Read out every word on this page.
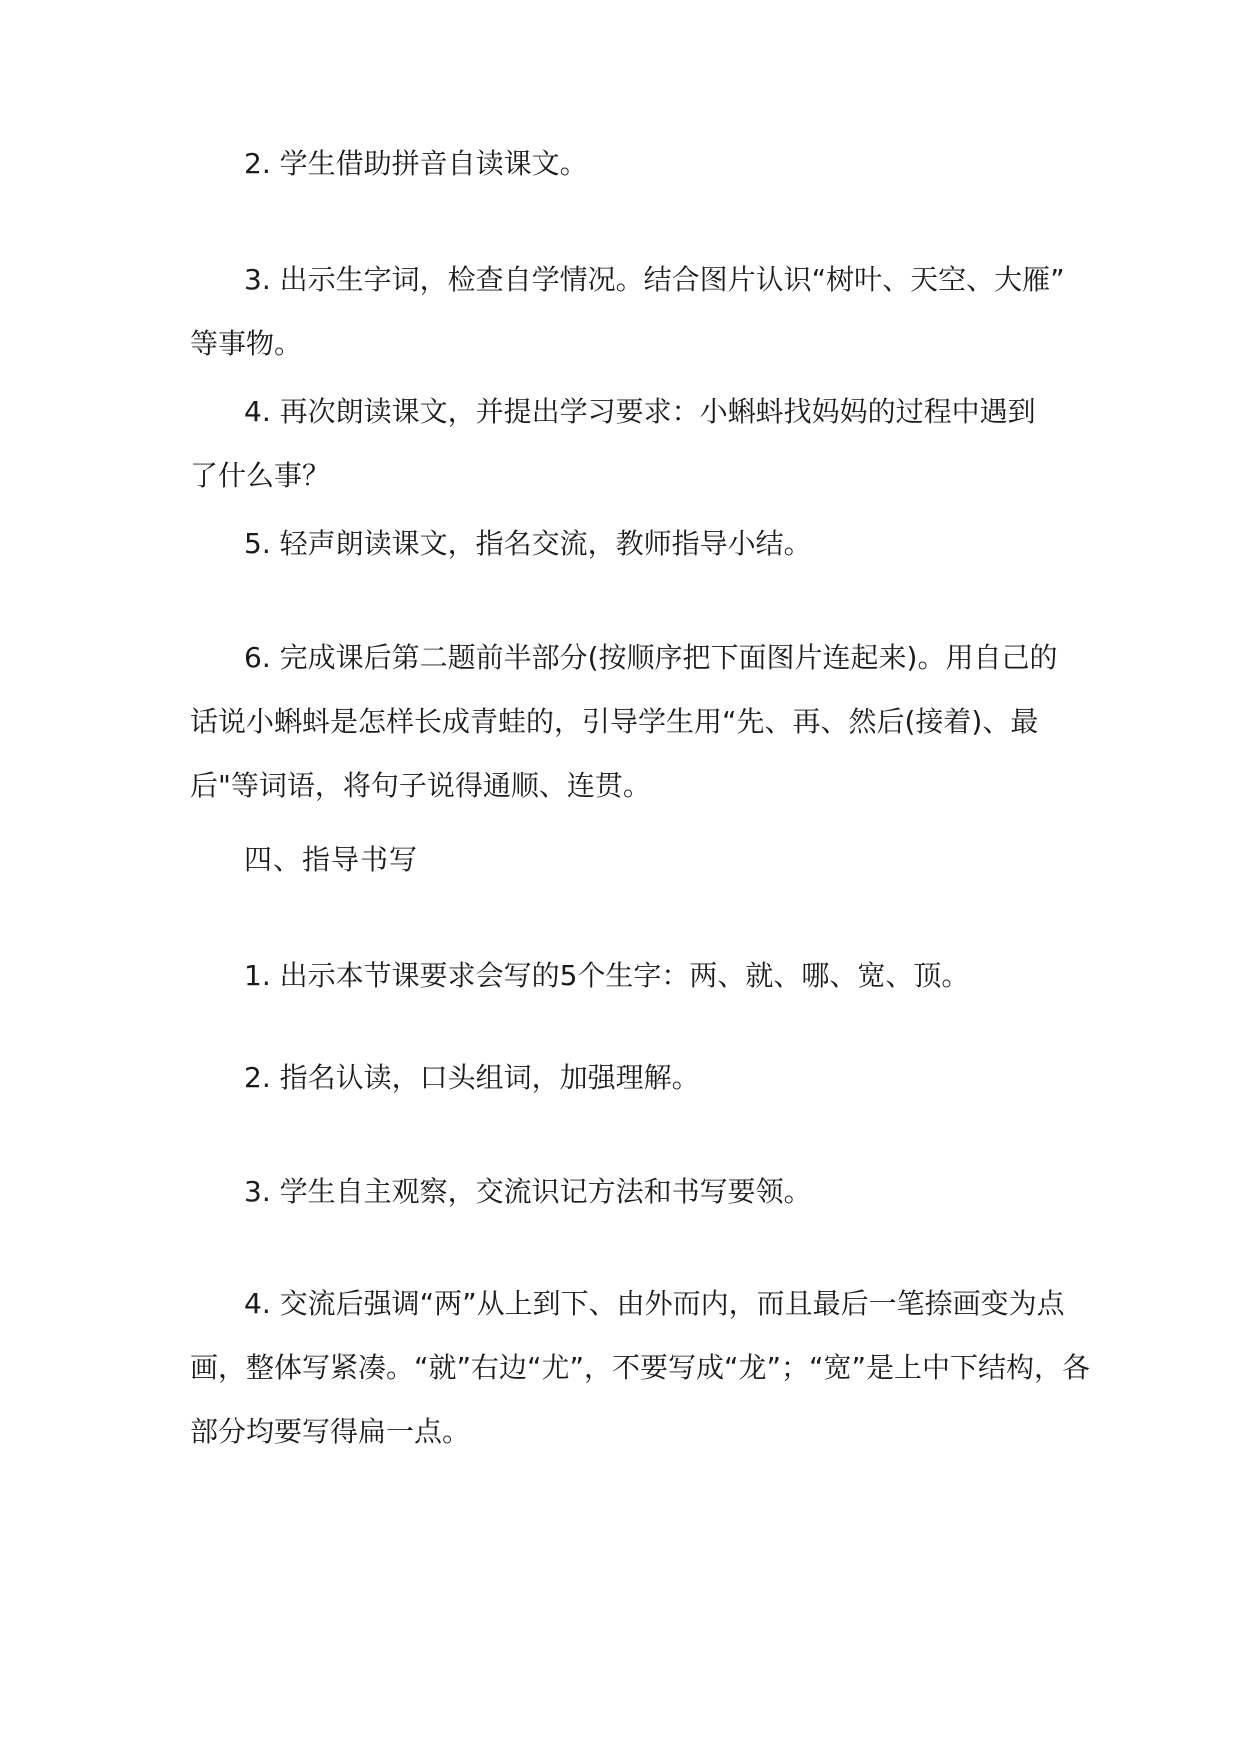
2. 学生借助拼音自读课文。

3. 出示生字词，检查自学情况。结合图片认识“树叶、天空、大雁”
等事物。

4. 再次朗读课文，并提出学习要求：小蝌蚪找妈妈的过程中遇到
了什么事？

5. 轻声朗读课文，指名交流，教师指导小结。

6. 完成课后第二题前半部分(按顺序把下面图片连起来)。用自己的
话说小蝌蚪是怎样长成青蛙的，引导学生用“先、再、然后(接着)、最
后"等词语，将句子说得通顺、连贯。

四、指导书写

1. 出示本节课要求会写的5个生字：两、就、哪、宽、顶。

2. 指名认读，口头组词，加强理解。

3. 学生自主观察，交流识记方法和书写要领。

4. 交流后强调“两”从上到下、由外而内，而且最后一笔捺画变为点
画，整体写紧凑。“就”右边“尤”，不要写成“龙”；“宽”是上中下结构，各
部分均要写得扁一点。
